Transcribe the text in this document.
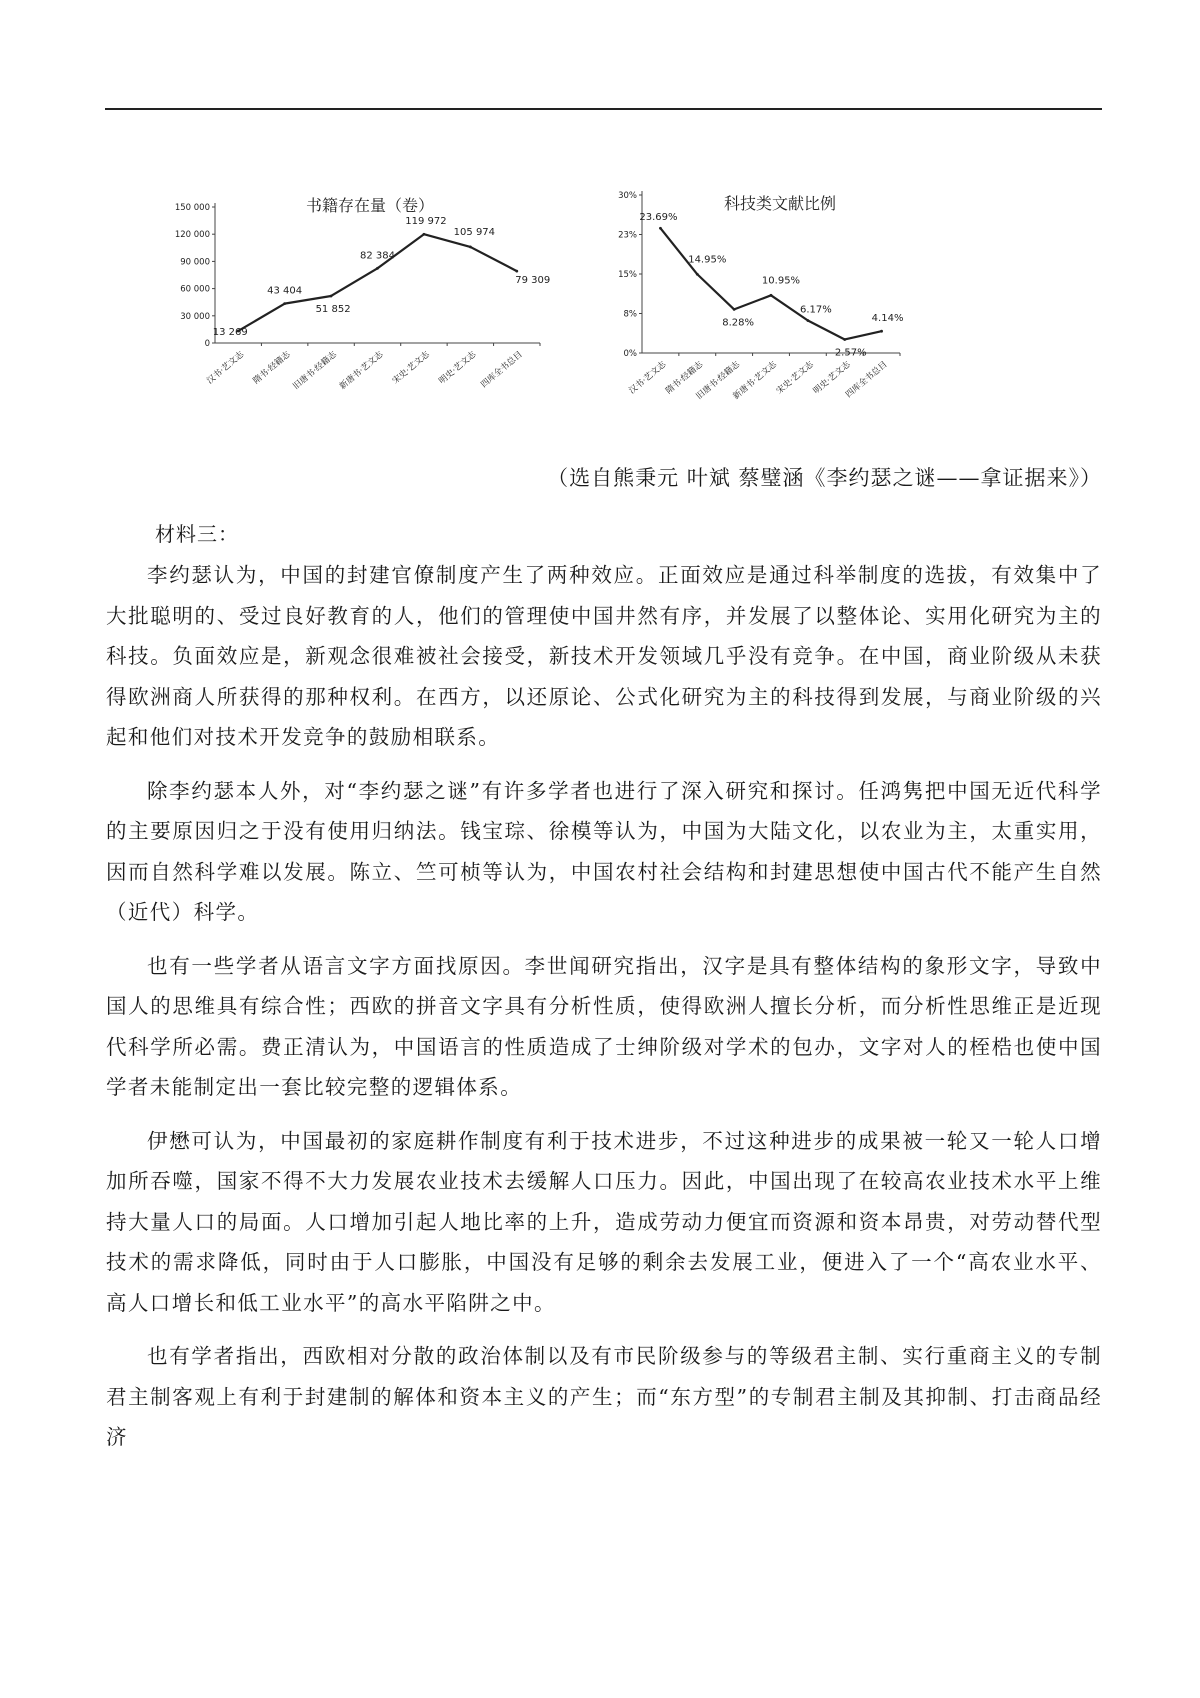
书籍存在量（卷）
0
30 000
60 000
90 000
120 000
150 000
汉书·艺文志 隋书·经籍志
旧唐书·经籍志
新唐书·艺文志 宋史·艺文志 明史·艺文志 四库全书总目
13 269
43 404
51 852
82 384
119 972
105 974
79 309
科技类文献比例
0%
8%
15%
23%
30%
汉书·艺文志
隋书·经籍志
旧唐书·经籍志
新唐书·艺文志
宋史·艺文志
明史·艺文志
四库全书总目
23.69%
14.95%
8.28%
10.95%
6.17%
2.57%
4.14%
（选自熊秉元 叶斌 蔡璧涵《李约瑟之谜——拿证据来》）
材料三：

李约瑟认为，中国的封建官僚制度产生了两种效应。正面效应是通过科举制度的选拔，有效集中了大批聪明的、受过良好教育的人，他们的管理使中国井然有序，并发展了以整体论、实用化研究为主的科技。负面效应是，新观念很难被社会接受，新技术开发领域几乎没有竞争。在中国，商业阶级从未获得欧洲商人所获得的那种权利。在西方，以还原论、公式化研究为主的科技得到发展，与商业阶级的兴起和他们对技术开发竞争的鼓励相联系。

除李约瑟本人外，对“李约瑟之谜”有许多学者也进行了深入研究和探讨。任鸿隽把中国无近代科学的主要原因归之于没有使用归纳法。钱宝琮、徐模等认为，中国为大陆文化，以农业为主，太重实用，因而自然科学难以发展。陈立、竺可桢等认为，中国农村社会结构和封建思想使中国古代不能产生自然（近代）科学。

也有一些学者从语言文字方面找原因。李世闻研究指出，汉字是具有整体结构的象形文字，导致中国人的思维具有综合性；西欧的拼音文字具有分析性质，使得欧洲人擅长分析，而分析性思维正是近现代科学所必需。费正清认为，中国语言的性质造成了士绅阶级对学术的包办，文字对人的桎梏也使中国学者未能制定出一套比较完整的逻辑体系。

伊懋可认为，中国最初的家庭耕作制度有利于技术进步，不过这种进步的成果被一轮又一轮人口增加所吞噬，国家不得不大力发展农业技术去缓解人口压力。因此，中国出现了在较高农业技术水平上维持大量人口的局面。人口增加引起人地比率的上升，造成劳动力便宜而资源和资本昂贵，对劳动替代型技术的需求降低，同时由于人口膨胀，中国没有足够的剩余去发展工业，便进入了一个“高农业水平、高人口增长和低工业水平”的高水平陷阱之中。

也有学者指出，西欧相对分散的政治体制以及有市民阶级参与的等级君主制、实行重商主义的专制君主制客观上有利于封建制的解体和资本主义的产生；而“东方型”的专制君主制及其抑制、打击商品经济
